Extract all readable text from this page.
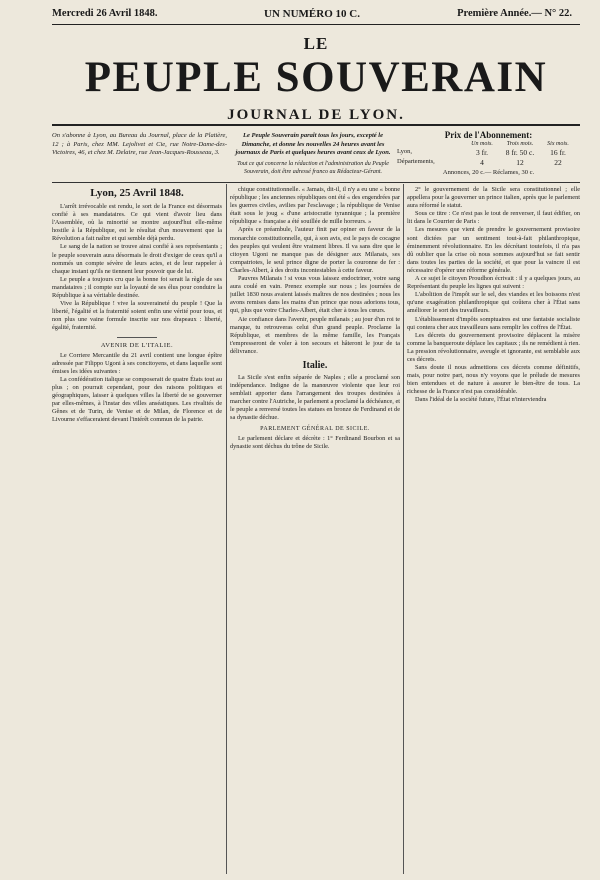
Mercredi 26 Avril 1848.	UN NUMÉRO 10 C.	Première Année.— N° 22.
LE
PEUPLE SOUVERAIN
JOURNAL DE LYON.
On s'abonne à Lyon, au Bureau du Journal, place de la Platière, 12 ; à Paris, chez MM. Lejolivet et Cie, rue Notre-Dame-des-Victoires, 46, et chez M. Delaire, rue Jean-Jacques-Rousseau, 3.
Le Peuple Souverain paraît tous les jours, excepté le Dimanche, et donne les nouvelles 24 heures avant les journaux de Paris et quelques heures avant ceux de Lyon.
Tout ce qui concerne la rédaction et l'administration du Peuple Souverain, doit être adressé franco au Rédacteur-Gérant.
Prix de l'Abonnement:
Un mois.	Trois mois.	Six mois.
Lyon,	3 fr.	8 fr. 50 c.	16 fr.
Départements,	4	12	22
Annonces, 20 c.— Réclames, 30 c.
Lyon, 25 Avril 1848.

L'arrêt irrévocable est rendu, le sort de la France est désormais confié à ses mandataires. Ce qui vient d'avoir lieu dans l'Assemblée, où la minorité se montre aujourd'hui elle-même hostile à la République, est le résultat d'un mouvement que la Révolution a fait naître et qui semble déjà perdu.

Le sang de la nation se trouve ainsi confié à ses représentants ; le peuple souverain aura désormais le droit d'exiger de ceux qu'il a nommés un compte sévère de leurs actes, et de leur rappeler à chaque instant qu'ils ne tiennent leur pouvoir que de lui.

Le peuple a toujours cru que la bonne foi serait la règle de ses mandataires ; il compte sur la loyauté de ses élus pour conduire la République à sa véritable destinée.

Vive la République ! vive la souveraineté du peuple ! Que la liberté, l'égalité et la fraternité soient enfin une vérité pour tous, et non plus une vaine formule inscrite sur nos drapeaux : liberté, égalité, fraternité.

AVENIR DE L'ITALIE.

Le Corriere Mercantile du 21 avril contient une longue épître adressée par Filippo Ugoni à ses concitoyens, et dans laquelle sont émises les idées suivantes :

La confédération italique se composerait de quatre États tout au plus ; on pourrait cependant, pour des raisons politiques et géographiques, laisser à quelques villes la liberté de se gouverner par elles-mêmes, à l'instar des villes anséatiques. Les rivalités de Gênes et de Turin, de Venise et de Milan, de Florence et de Livourne s'effaceraient devant l'intérêt commun de la patrie.

chique constitutionnelle. « Jamais, dit-il, il n'y a eu une « bonne république ; les anciennes républiques ont été « des engendrées par les guerres civiles, avilies par l'esclavage ; la république de Venise était sous le joug « d'une aristocratie tyrannique ; la première république « française a été souillée de mille horreurs. »

Après ce préambule, l'auteur finit par opiner en faveur de la monarchie constitutionnelle, qui, à son avis, est le pays de cocagne des peuples qui veulent être vraiment libres. Il va sans dire que le citoyen Ugoni ne manque pas de désigner aux Milanais, ses compatriotes, le seul prince digne de porter la couronne de fer : Charles-Albert, à des droits incontestables à cette faveur.

Pauvres Milanais ! si vous vous laissez endoctriner, votre sang aura coulé en vain. Prenez exemple sur nous ; les journées de juillet 1830 nous avaient laissés maîtres de nos destinées ; nous les avons remises dans les mains d'un prince que nous adorions tous, qui, plus que votre Charles-Albert, était cher à tous les cœurs.

Aie confiance dans l'avenir, peuple milanais ; au jour d'un roi te manque, tu retrouveras celui d'un grand peuple. Proclame la République, et membres de la même famille, les Français t'empresseront de voler à ton secours et hâteront le jour de ta délivrance.

Italie.

La Sicile s'est enfin séparée de Naples ; elle a proclamé son indépendance. Indigne de la manœuvre violente que leur roi semblait apporter dans l'arrangement des troupes destinées à marcher contre l'Autriche, le parlement a proclamé la déchéance, et le peuple a renversé toutes les statues en bronze de Ferdinand et de sa dynastie déchue.

PARLEMENT GÉNÉRAL DE SICILE.

Le parlement déclare et décrète : 1° Ferdinand Bourbon et sa dynastie sont déchus du trône de Sicile.

2° le gouvernement de la Sicile sera constitutionnel ; elle appellera pour la gouverner un prince italien, après que le parlement aura réformé le statut.

Sous ce titre : Ce n'est pas le tout de renverser, il faut édifier, on lit dans le Courrier de Paris :

Les mesures que vient de prendre le gouvernement provisoire sont dictées par un sentiment tout-à-fait philanthropique, éminemment révolutionnaire. En les décrétant toutefois, il n'a pas dû oublier que la crise où nous sommes aujourd'hui se fait sentir dans toutes les parties de la société, et que pour la vaincre il est nécessaire d'opérer une réforme générale.

A ce sujet le citoyen Proudhon écrivait : il y a quelques jours, au Représentant du peuple les lignes qui suivent :

L'abolition de l'impôt sur le sel, des viandes et les boissons n'est qu'une exagération philanthropique qui coûtera cher à l'État sans améliorer le sort des travailleurs.

L'établissement d'impôts somptuaires est une fantaisie socialiste qui contera cher aux travailleurs sans remplir les coffres de l'État.

Les décrets du gouvernement provisoire déplacent la misère comme la banqueroute déplace les capitaux ; ils ne remédient à rien. La pression révolutionnaire, aveugle et ignorante, est semblable aux ces décrets.

Sans doute il nous admettions ces décrets comme définitifs, mais, pour notre part, nous n'y voyons que le prélude de mesures bien entendues et de nature à assurer le bien-être de tous. La richesse de la France n'est pas considérable.

Dans l'idéal de la société future, l'État n'interviendra
